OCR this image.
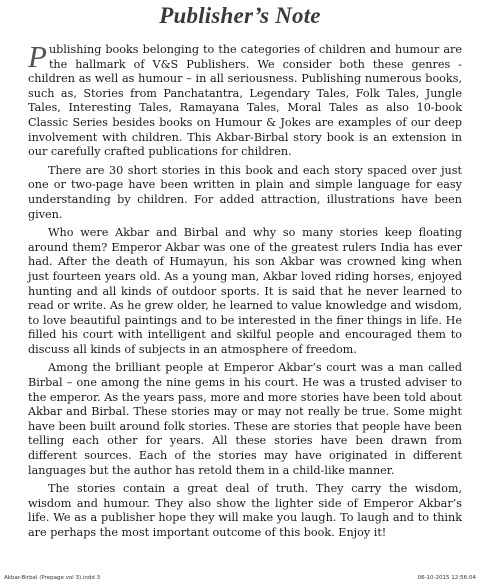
Publisher’s Note

Publishing books belonging to the categories of children and humour are the hallmark of V&S Publishers. We consider both these genres - children as well as humour – in all seriousness. Publishing numerous books, such as, Stories from Panchatantra, Legendary Tales, Folk Tales, Jungle Tales, Interesting Tales, Ramayana Tales, Moral Tales as also 10-book Classic Series besides books on Humour & Jokes are examples of our deep involvement with children. This Akbar-Birbal story book is an extension in our carefully crafted publications for children.

There are 30 short stories in this book and each story spaced over just one or two-page have been written in plain and simple language for easy understanding by children. For added attraction, illustrations have been given.

Who were Akbar and Birbal and why so many stories keep floating around them? Emperor Akbar was one of the greatest rulers India has ever had. After the death of Humayun, his son Akbar was crowned king when just fourteen years old. As a young man, Akbar loved riding horses, enjoyed hunting and all kinds of outdoor sports. It is said that he never learned to read or write. As he grew older, he learned to value knowledge and wisdom, to love beautiful paintings and to be interested in the finer things in life. He filled his court with intelligent and skilful people and encouraged them to discuss all kinds of subjects in an atmosphere of freedom.

Among the brilliant people at Emperor Akbar’s court was a man called Birbal – one among the nine gems in his court. He was a trusted adviser to the emperor. As the years pass, more and more stories have been told about Akbar and Birbal. These stories may or may not really be true. Some might have been built around folk stories. These are stories that people have been telling each other for years. All these stories have been drawn from different sources. Each of the stories may have originated in different languages but the author has retold them in a child-like manner.

The stories contain a great deal of truth. They carry the wisdom, wisdom and humour. They also show the lighter side of Emperor Akbar’s life. We as a publisher hope they will make you laugh. To laugh and to think are perhaps the most important outcome of this book. Enjoy it!

Akbar-Birbal (Prepage vol 3).indd 3	06-10-2015 12:56:04
